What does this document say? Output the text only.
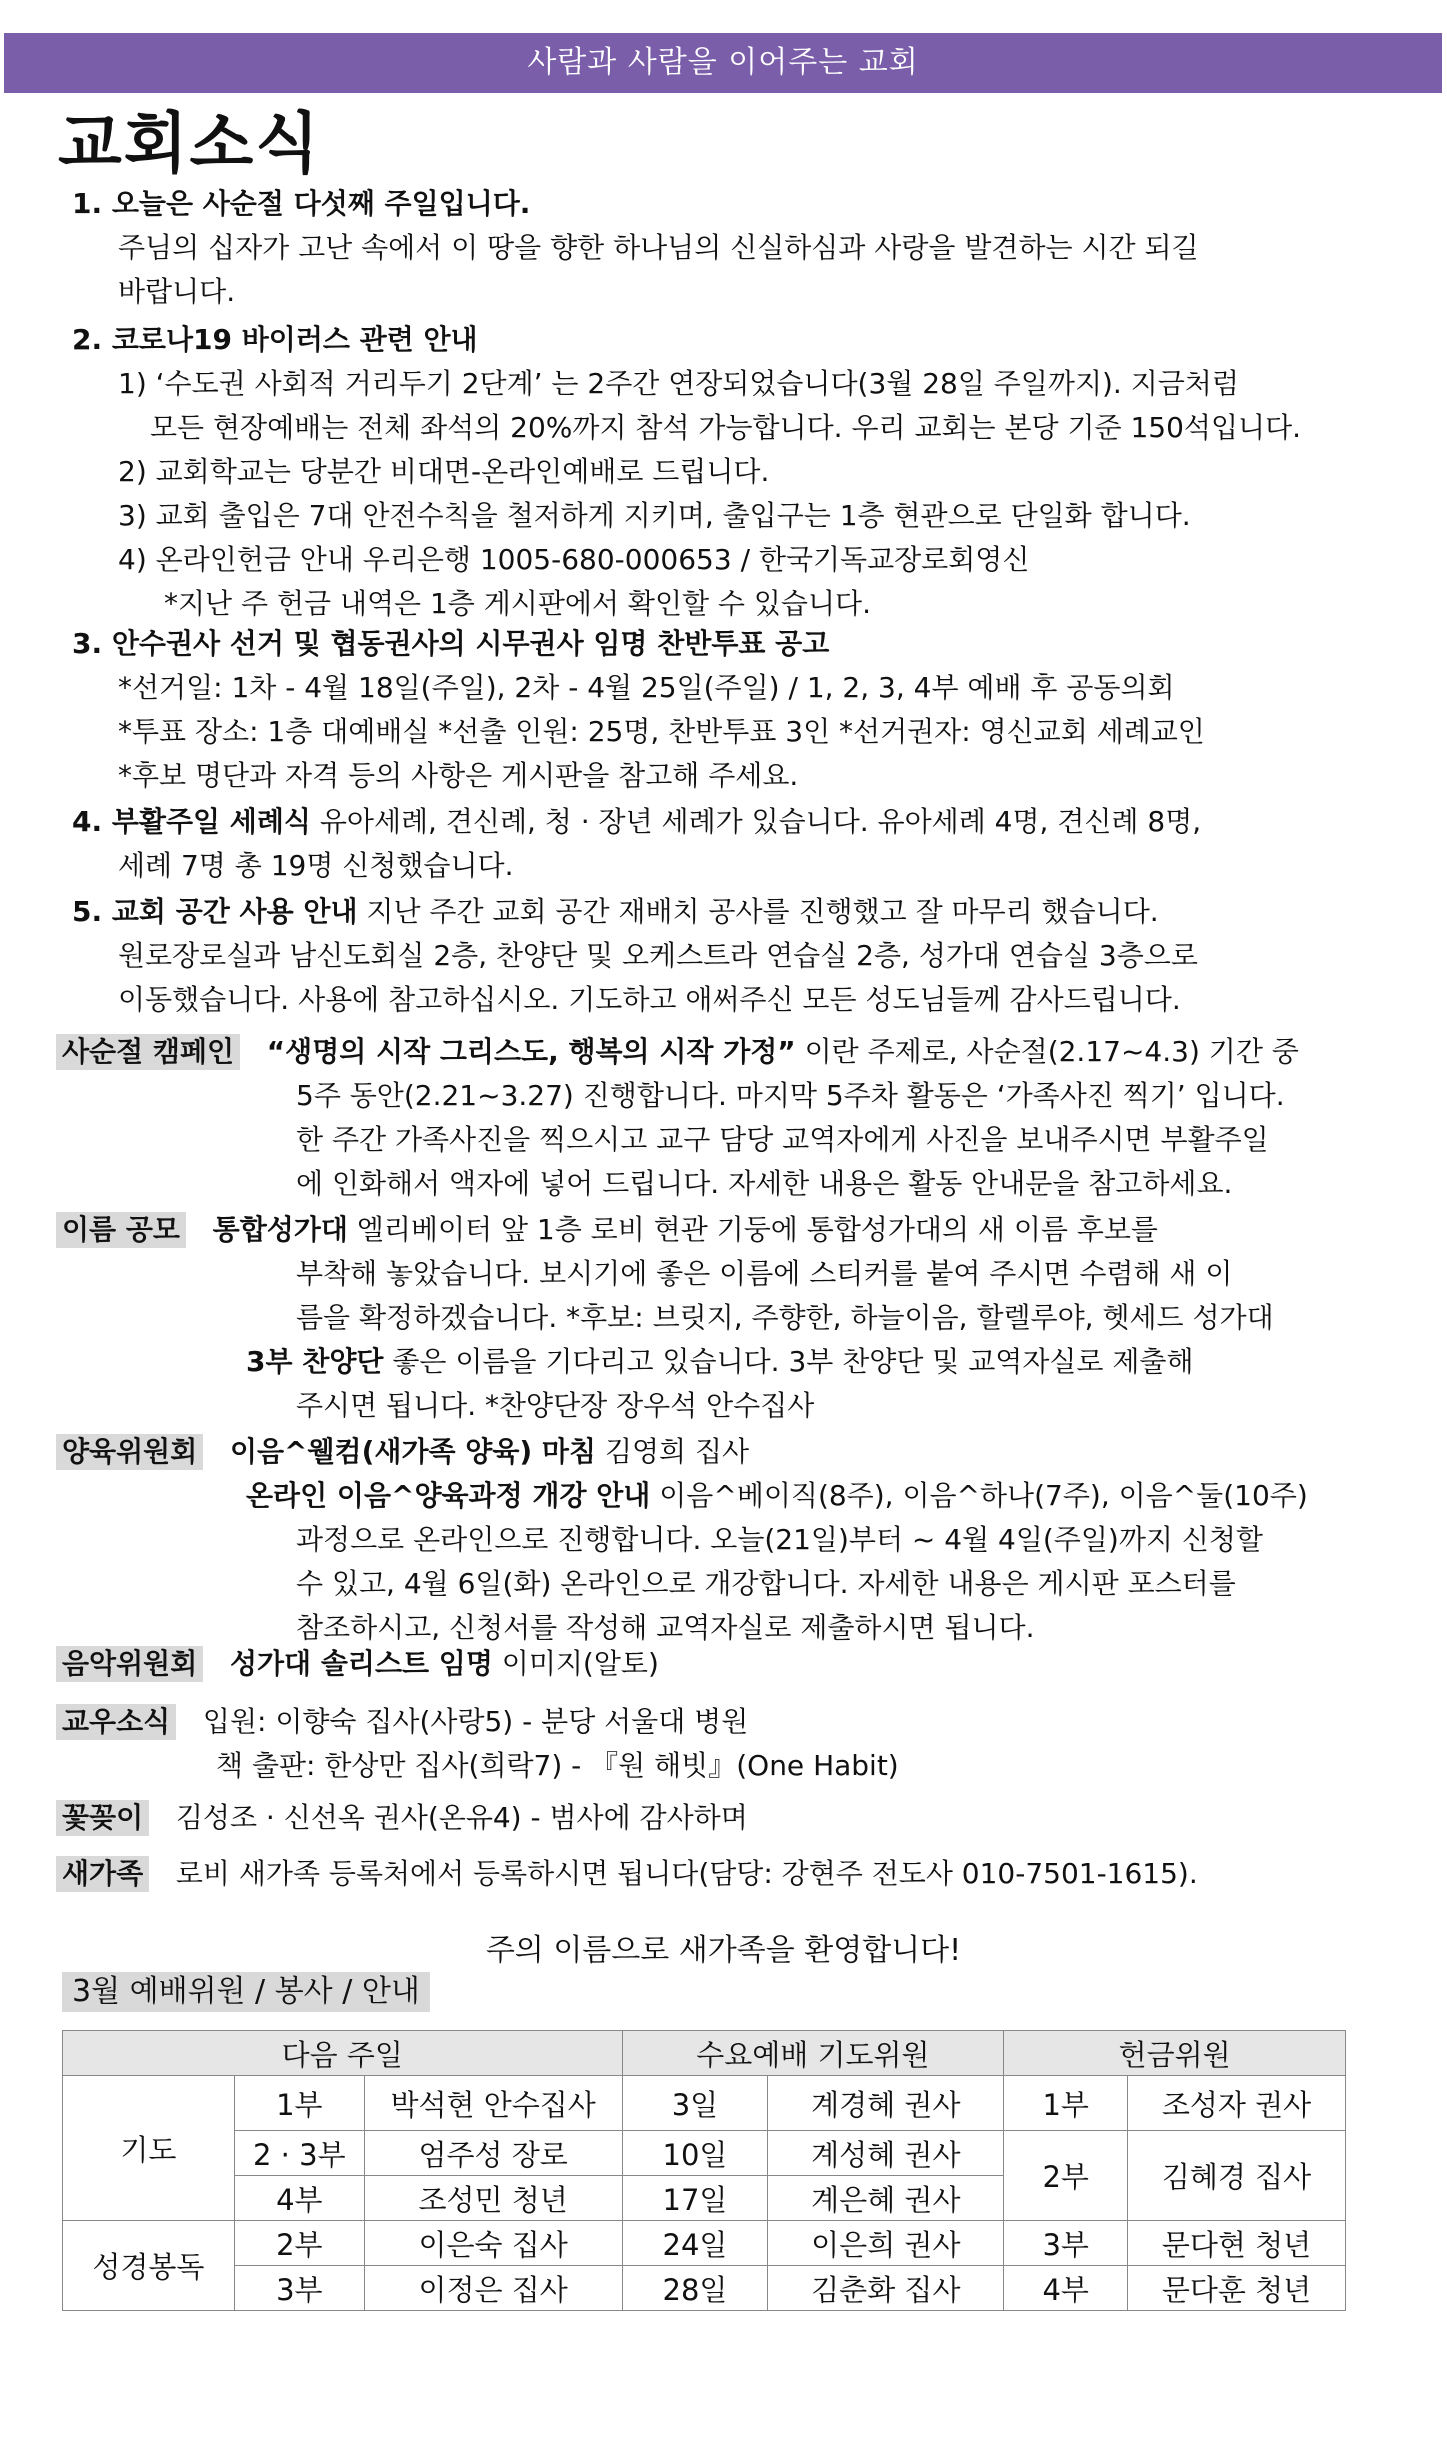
사람과 사람을 이어주는 교회
교회소식

1. 오늘은 사순절 다섯째 주일입니다.

주님의 십자가 고난 속에서 이 땅을 향한 하나님의 신실하심과 사랑을 발견하는 시간 되길

바랍니다.

2. 코로나19 바이러스 관련 안내

1) ‘수도권 사회적 거리두기 2단계’ 는 2주간 연장되었습니다(3월 28일 주일까지). 지금처럼

모든 현장예배는 전체 좌석의 20%까지 참석 가능합니다. 우리 교회는 본당 기준 150석입니다.

2) 교회학교는 당분간 비대면-온라인예배로 드립니다.

3) 교회 출입은 7대 안전수칙을 철저하게 지키며, 출입구는 1층 현관으로 단일화 합니다.

4) 온라인헌금 안내 우리은행 1005-680-000653 / 한국기독교장로회영신

*지난 주 헌금 내역은 1층 게시판에서 확인할 수 있습니다.

3. 안수권사 선거 및 협동권사의 시무권사 임명 찬반투표 공고

*선거일: 1차 - 4월 18일(주일), 2차 - 4월 25일(주일) / 1, 2, 3, 4부 예배 후 공동의회

*투표 장소: 1층 대예배실 *선출 인원: 25명, 찬반투표 3인 *선거권자: 영신교회 세례교인

*후보 명단과 자격 등의 사항은 게시판을 참고해 주세요.

4. 부활주일 세례식 유아세례, 견신례, 청 · 장년 세례가 있습니다. 유아세례 4명, 견신례 8명,

세례 7명 총 19명 신청했습니다.

5. 교회 공간 사용 안내 지난 주간 교회 공간 재배치 공사를 진행했고 잘 마무리 했습니다.

원로장로실과 남신도회실 2층, 찬양단 및 오케스트라 연습실 2층, 성가대 연습실 3층으로

이동했습니다. 사용에 참고하십시오. 기도하고 애써주신 모든 성도님들께 감사드립니다.

사순절 캠페인 “생명의 시작 그리스도, 행복의 시작 가정” 이란 주제로, 사순절(2.17~4.3) 기간 중

5주 동안(2.21~3.27) 진행합니다. 마지막 5주차 활동은 ‘가족사진 찍기’ 입니다.

한 주간 가족사진을 찍으시고 교구 담당 교역자에게 사진을 보내주시면 부활주일

에 인화해서 액자에 넣어 드립니다. 자세한 내용은 활동 안내문을 참고하세요.

이름 공모 통합성가대 엘리베이터 앞 1층 로비 현관 기둥에 통합성가대의 새 이름 후보를

부착해 놓았습니다. 보시기에 좋은 이름에 스티커를 붙여 주시면 수렴해 새 이

름을 확정하겠습니다. *후보: 브릿지, 주향한, 하늘이음, 할렐루야, 헷세드 성가대

3부 찬양단 좋은 이름을 기다리고 있습니다. 3부 찬양단 및 교역자실로 제출해

주시면 됩니다. *찬양단장 장우석 안수집사

양육위원회 이음^웰컴(새가족 양육) 마침 김영희 집사

온라인 이음^양육과정 개강 안내 이음^베이직(8주), 이음^하나(7주), 이음^둘(10주)

과정으로 온라인으로 진행합니다. 오늘(21일)부터 ~ 4월 4일(주일)까지 신청할

수 있고, 4월 6일(화) 온라인으로 개강합니다. 자세한 내용은 게시판 포스터를

참조하시고, 신청서를 작성해 교역자실로 제출하시면 됩니다.

음악위원회 성가대 솔리스트 임명 이미지(알토)

교우소식 입원: 이향숙 집사(사랑5) - 분당 서울대 병원

책 출판: 한상만 집사(희락7) - 『원 해빗』(One Habit)

꽃꽂이 김성조 · 신선옥 권사(온유4) - 범사에 감사하며

새가족 로비 새가족 등록처에서 등록하시면 됩니다(담당: 강현주 전도사 010-7501-1615).

주의 이름으로 새가족을 환영합니다!
3월 예배위원 / 봉사 / 안내
다음 주일			수요예배 기도위원		헌금위원	
기도	1부	박석현 안수집사	3일	계경혜 권사	1부	조성자 권사
	2 · 3부	엄주성 장로	10일	계성혜 권사	2부	김혜경 집사
	4부	조성민 청년	17일	계은혜 권사		
성경봉독	2부	이은숙 집사	24일	이은희 권사	3부	문다현 청년
	3부	이정은 집사	28일	김춘화 집사	4부	문다훈 청년
